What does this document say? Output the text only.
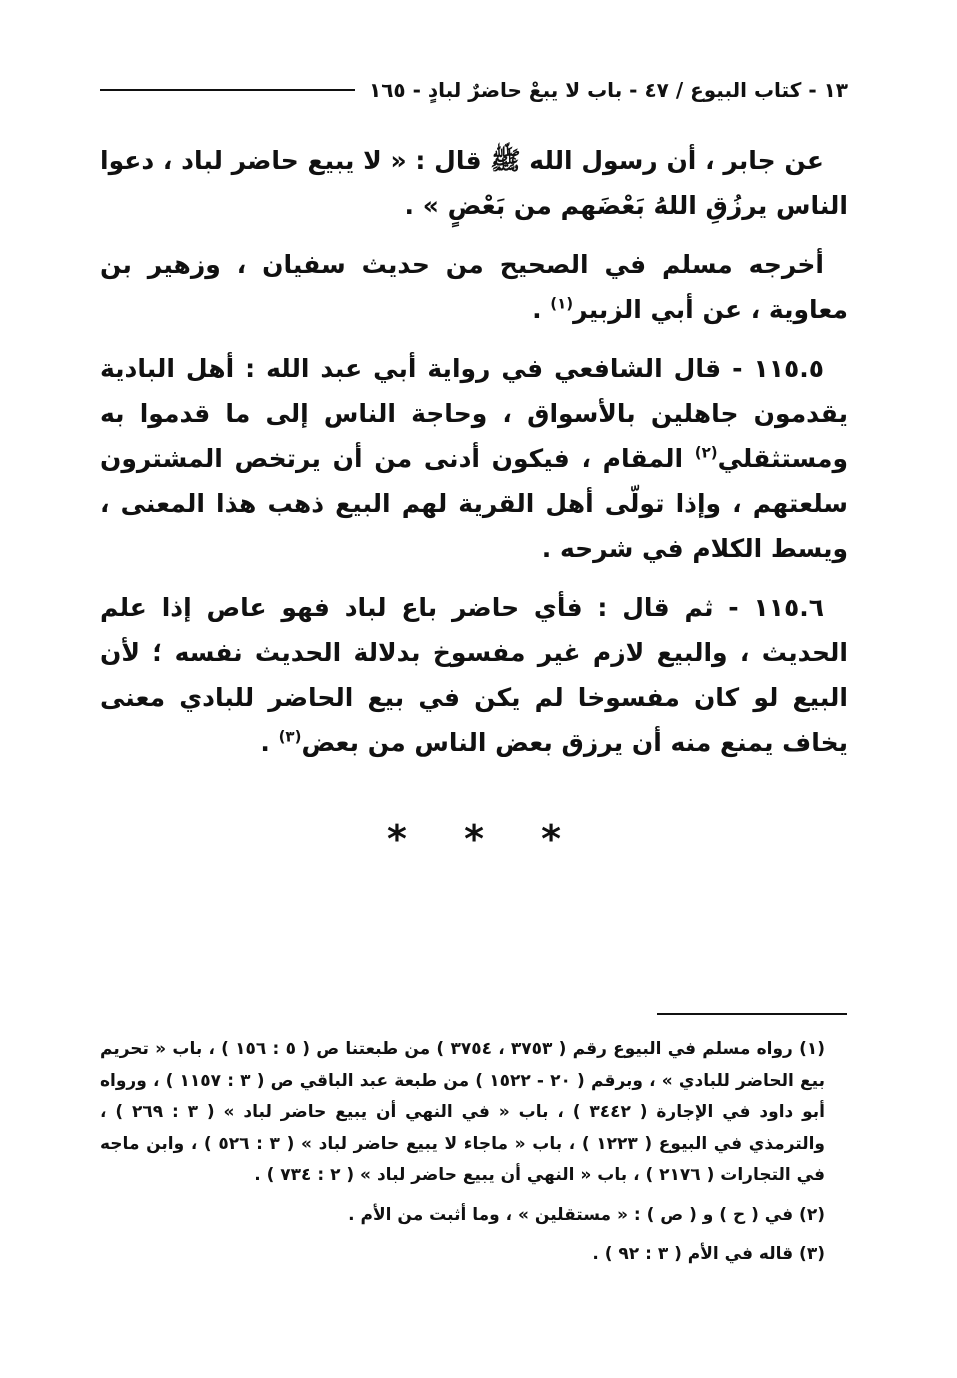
١٣ - كتاب البيوع / ٤٧ - باب لا يبعْ حاضرٌ لبادٍ - ١٦٥

عن جابر ، أن رسول الله ﷺ قال : « لا يبيع حاضر لباد ، دعوا الناس يرزُقِ اللهُ بَعْضَهم من بَعْضٍ » .

أخرجه مسلم في الصحيح من حديث سفيان ، وزهير بن معاوية ، عن أبي الزبير$^{(١)}$ .

١١٥.٥ - قال الشافعي في رواية أبي عبد الله : أهل البادية يقدمون جاهلين بالأسواق ، وحاجة الناس إلى ما قدموا به ومستثقلي$^{(٢)}$ المقام ، فيكون أدنى من أن يرتخص المشترون سلعتهم ، وإذا تولّى أهل القرية لهم البيع ذهب هذا المعنى ، ويسط الكلام في شرحه .

١١٥.٦ - ثم قال : فأي حاضر باع لباد فهو عاص إذا علم الحديث ، والبيع لازم غير مفسوخ بدلالة الحديث نفسه ؛ لأن البيع لو كان مفسوخا لم يكن في بيع الحاضر للبادي معنى يخاف يمنع منه أن يرزق بعض الناس من بعض$^{(٣)}$ .

* * *

(١) رواه مسلم في البيوع رقم ( ٣٧٥٣ ، ٣٧٥٤ ) من طبعتنا ص ( ٥ : ١٥٦ ) ، باب « تحريم بيع الحاضر للبادي » ، وبرقم ( ٢٠ - ١٥٢٢ ) من طبعة عبد الباقي ص ( ٣ : ١١٥٧ ) ، ورواه أبو داود في الإجارة ( ٣٤٤٢ ) ، باب « في النهي أن يبيع حاضر لباد » ( ٣ : ٢٦٩ ) ، والترمذي في البيوع ( ١٢٢٣ ) ، باب « ماجاء لا يبيع حاضر لباد » ( ٣ : ٥٢٦ ) ، وابن ماجه في التجارات ( ٢١٧٦ ) ، باب « النهي أن يبيع حاضر لباد » ( ٢ : ٧٣٤ ) .

(٢) في ( ح ) و ( ص ) : « مستقلين » ، وما أثبت من الأم .

(٣) قاله في الأم ( ٣ : ٩٢ ) .
